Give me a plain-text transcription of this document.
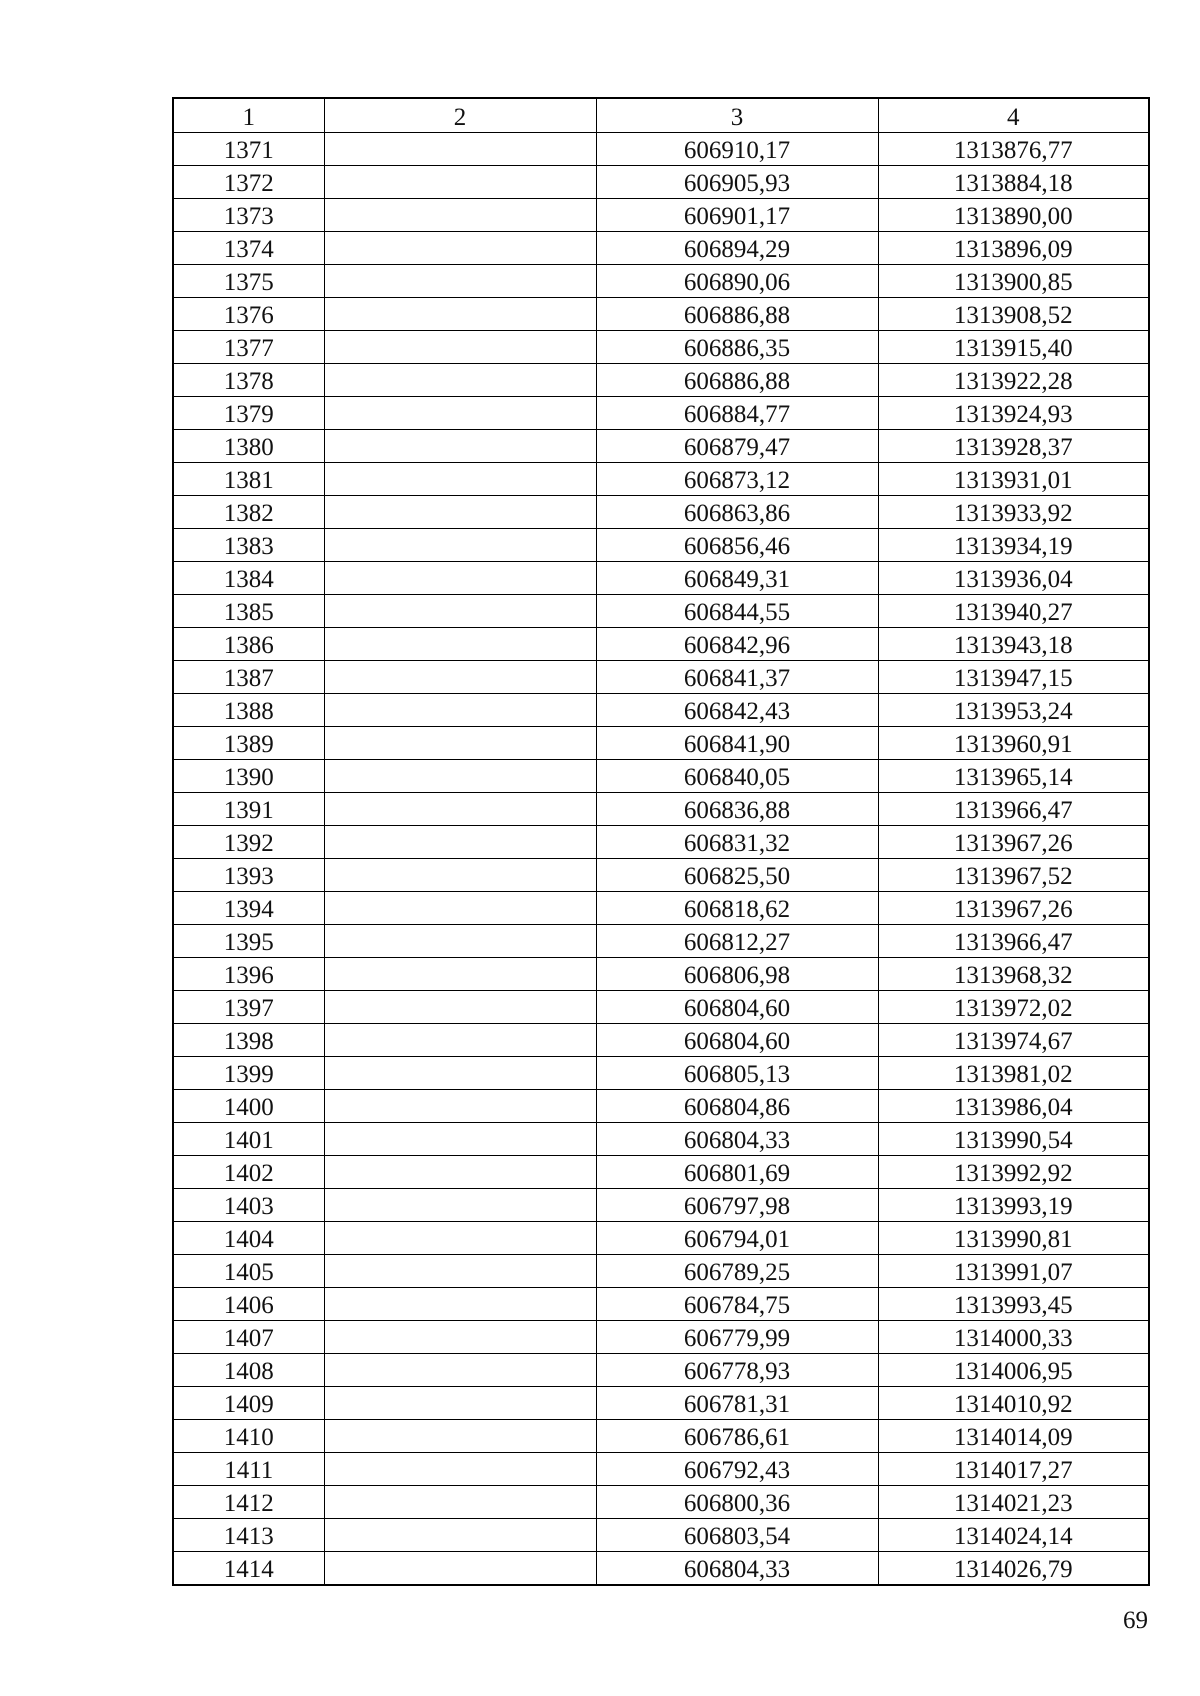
1	2	3	4
1371		606910,17	1313876,77
1372		606905,93	1313884,18
1373		606901,17	1313890,00
1374		606894,29	1313896,09
1375		606890,06	1313900,85
1376		606886,88	1313908,52
1377		606886,35	1313915,40
1378		606886,88	1313922,28
1379		606884,77	1313924,93
1380		606879,47	1313928,37
1381		606873,12	1313931,01
1382		606863,86	1313933,92
1383		606856,46	1313934,19
1384		606849,31	1313936,04
1385		606844,55	1313940,27
1386		606842,96	1313943,18
1387		606841,37	1313947,15
1388		606842,43	1313953,24
1389		606841,90	1313960,91
1390		606840,05	1313965,14
1391		606836,88	1313966,47
1392		606831,32	1313967,26
1393		606825,50	1313967,52
1394		606818,62	1313967,26
1395		606812,27	1313966,47
1396		606806,98	1313968,32
1397		606804,60	1313972,02
1398		606804,60	1313974,67
1399		606805,13	1313981,02
1400		606804,86	1313986,04
1401		606804,33	1313990,54
1402		606801,69	1313992,92
1403		606797,98	1313993,19
1404		606794,01	1313990,81
1405		606789,25	1313991,07
1406		606784,75	1313993,45
1407		606779,99	1314000,33
1408		606778,93	1314006,95
1409		606781,31	1314010,92
1410		606786,61	1314014,09
1411		606792,43	1314017,27
1412		606800,36	1314021,23
1413		606803,54	1314024,14
1414		606804,33	1314026,79
69
